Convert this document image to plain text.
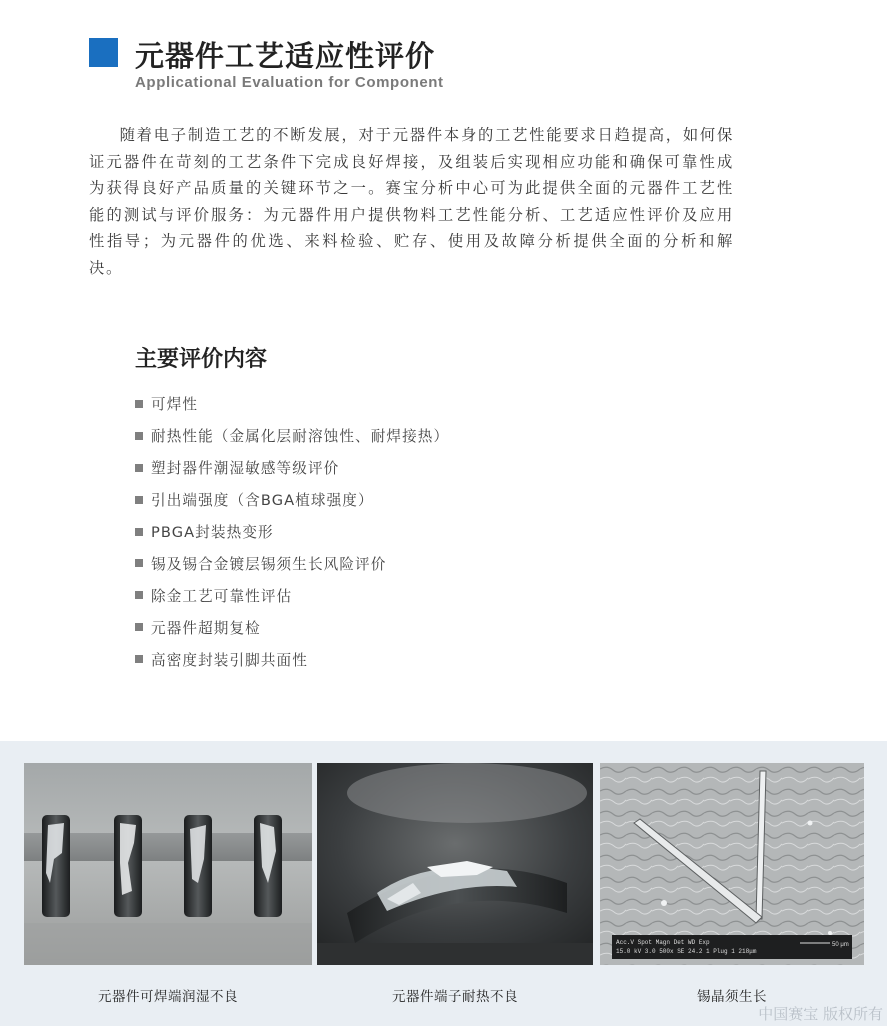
元器件工艺适应性评价
Applicational Evaluation for Component

随着电子制造工艺的不断发展，对于元器件本身的工艺性能要求日趋提高，如何保证元器件在苛刻的工艺条件下完成良好焊接，及组装后实现相应功能和确保可靠性成为获得良好产品质量的关键环节之一。赛宝分析中心可为此提供全面的元器件工艺性能的测试与评价服务：为元器件用户提供物料工艺性能分析、工艺适应性评价及应用性指导；为元器件的优选、来料检验、贮存、使用及故障分析提供全面的分析和解决。

主要评价内容
可焊性
耐热性能（金属化层耐溶蚀性、耐焊接热）
塑封器件潮湿敏感等级评价
引出端强度（含BGA植球强度）
PBGA封装热变形
锡及锡合金镀层锡须生长风险评价
除金工艺可靠性评估
元器件超期复检
高密度封装引脚共面性
Acc.V Spot Magn Det WD Exp
15.0 kV 3.0 500x SE 24.2 1 Plug 1 218μm
50 μm
元器件可焊端润湿不良	元器件端子耐热不良	锡晶须生长
中国赛宝 版权所有
